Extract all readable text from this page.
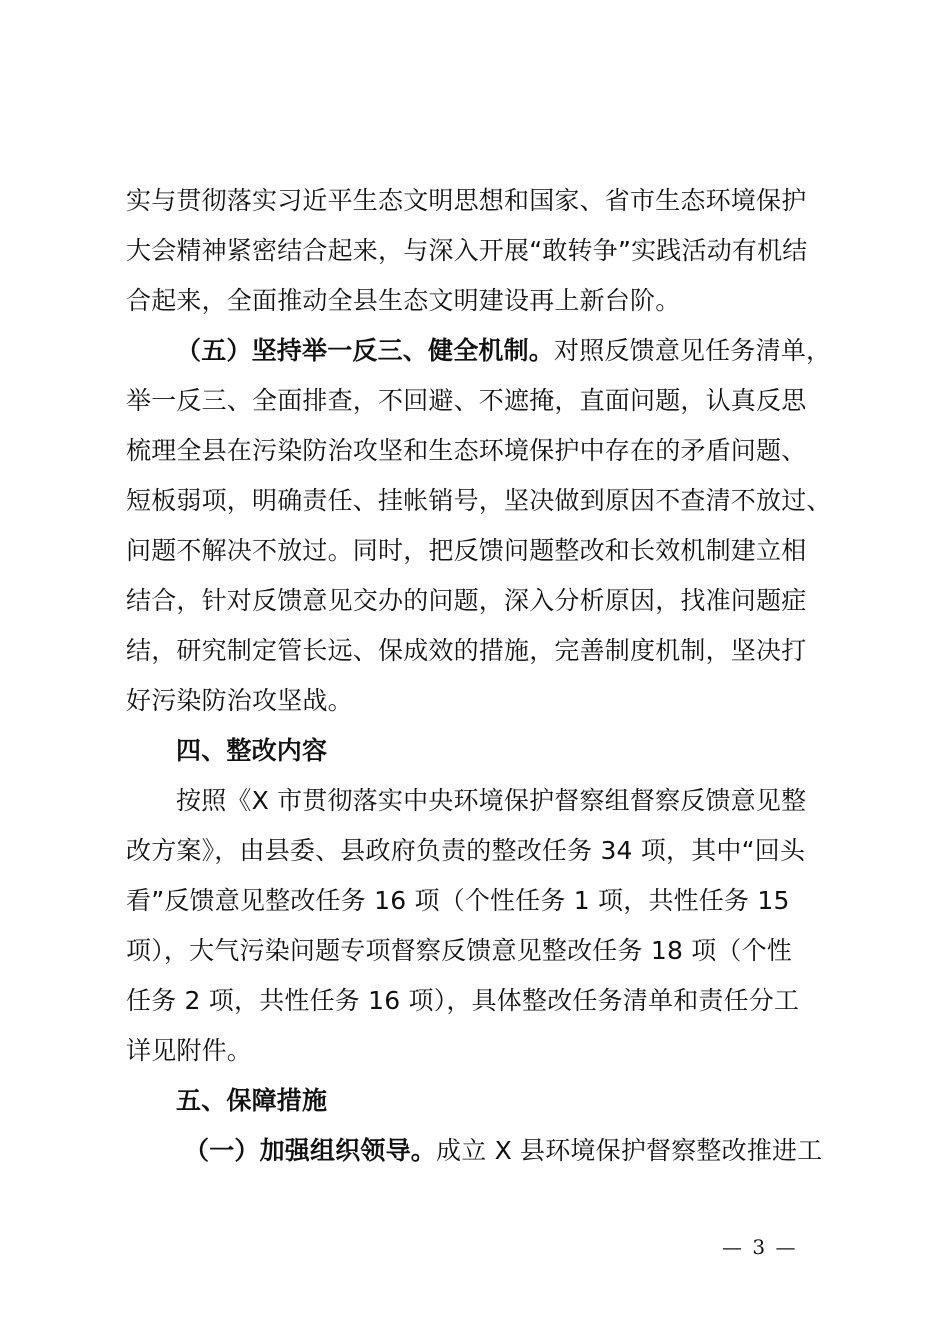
实与贯彻落实习近平生态文明思想和国家、省市生态环境保护
大会精神紧密结合起来，与深入开展“敢转争”实践活动有机结
合起来，全面推动全县生态文明建设再上新台阶。
（五）坚持举一反三、健全机制。对照反馈意见任务清单，
举一反三、全面排查，不回避、不遮掩，直面问题，认真反思
梳理全县在污染防治攻坚和生态环境保护中存在的矛盾问题、
短板弱项，明确责任、挂帐销号，坚决做到原因不查清不放过、
问题不解决不放过。同时，把反馈问题整改和长效机制建立相
结合，针对反馈意见交办的问题，深入分析原因，找准问题症
结，研究制定管长远、保成效的措施，完善制度机制，坚决打
好污染防治攻坚战。
四、整改内容
按照《X 市贯彻落实中央环境保护督察组督察反馈意见整
改方案》，由县委、县政府负责的整改任务 34 项，其中“回头
看”反馈意见整改任务 16 项（个性任务 1 项，共性任务 15
项），大气污染问题专项督察反馈意见整改任务 18 项（个性
任务 2 项，共性任务 16 项），具体整改任务清单和责任分工
详见附件。
五、保障措施
（一）加强组织领导。成立 X 县环境保护督察整改推进工
— 3 —
